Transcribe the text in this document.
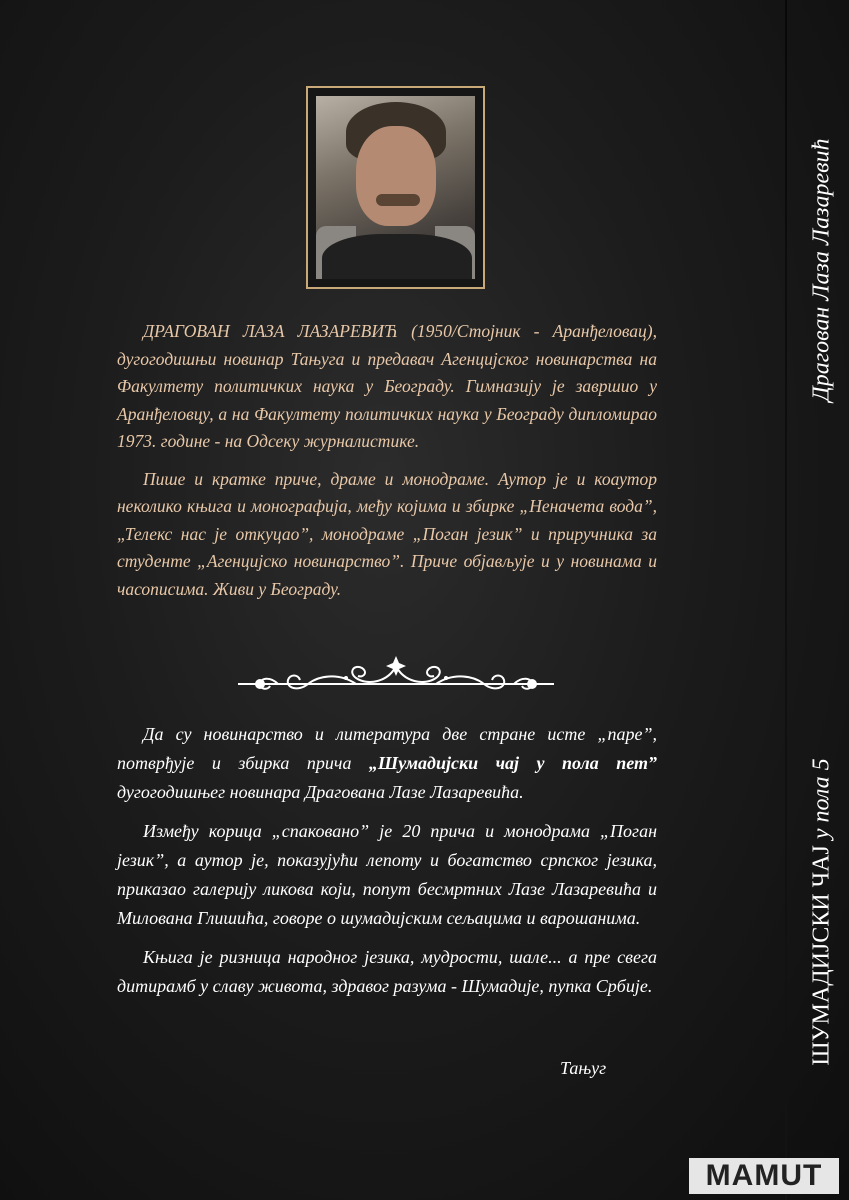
ДРАГОВАН ЛАЗА ЛАЗАРЕВИЋ (1950/Стојник - Аранђеловац), дугогодишњи новинар Тањуга и предавач Агенцијског новинарства на Факултету политичких наука у Београду. Гимназију је завршио у Аранђеловцу, а на Факултету политичких наука у Београду дипломирао 1973. године - на Одсеку журналистике.

Пише и кратке приче, драме и монодраме. Аутор је и коаутор неколико књига и монографија, међу којима и збирке „Неначета вода”, „Телекс нас је откуцао”, монодраме „Поган језик” и приручника за студенте „Агенцијско новинарство”. Приче објављује и у новинама и часописима. Живи у Београду.

Да су новинарство и литература две стране исте „паре”, потврђује и збирка прича „Шумадијски чај у пола пет” дугогодишњег новинара Драгована Лазе Лазаревића.

Између корица „спаковано” је 20 прича и монодрама „Поган језик”, а аутор је, показујући лепоту и богатство српског језика, приказао галерију ликова који, попут бесмртних Лазе Лазаревића и Милована Глишића, говоре о шумадијским сељацима и варошанима.

Књига је ризница народног језика, мудрости, шале... а пре свега дитирамб у славу живота, здравог разума - Шумадије, пупка Србије.

Тањуг
Драгован Лаза Лазаревић
ШУМАДИЈСКИ ЧАЈ у пола 5
MAMUT
